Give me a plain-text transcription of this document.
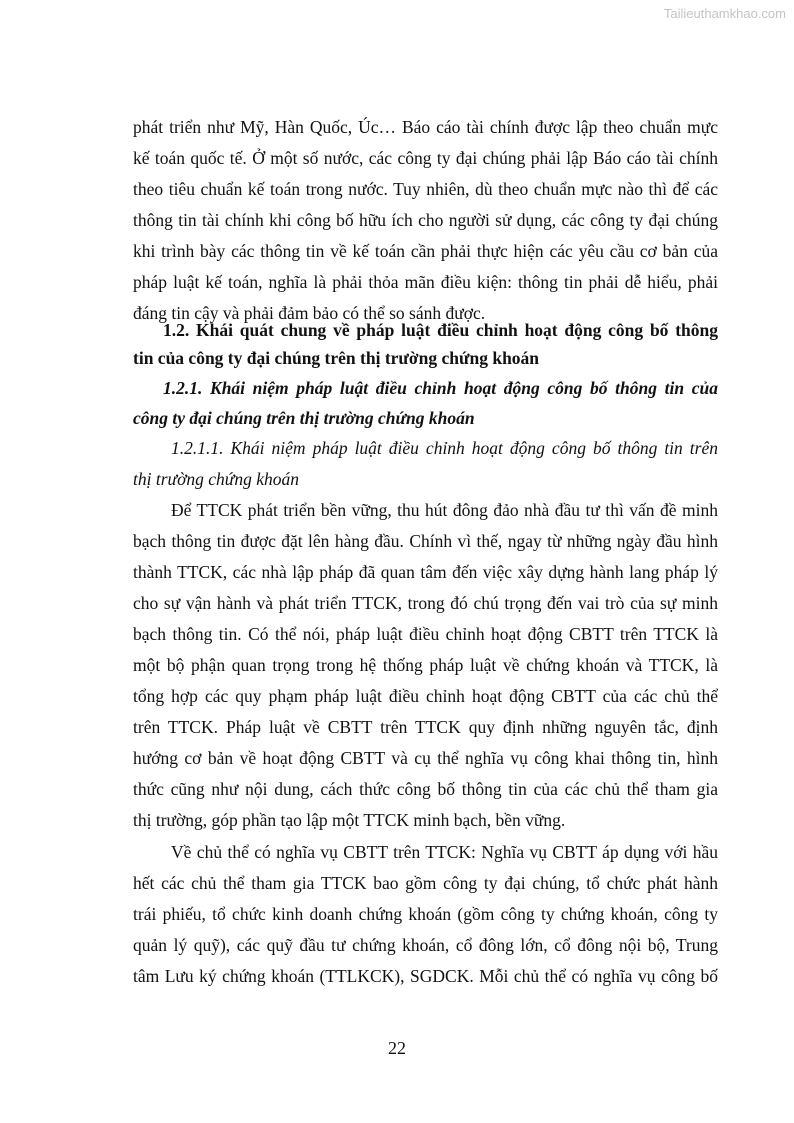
Tailieuthamkhao.com
phát triển như Mỹ, Hàn Quốc, Úc… Báo cáo tài chính được lập theo chuẩn mực
kế toán quốc tế. Ở một số nước, các công ty đại chúng phải lập Báo cáo tài chính
theo tiêu chuẩn kế toán trong nước. Tuy nhiên, dù theo chuẩn mực nào thì để các
thông tin tài chính khi công bố hữu ích cho người sử dụng, các công ty đại chúng
khi trình bày các thông tin về kế toán cần phải thực hiện các yêu cầu cơ bản của
pháp luật kế toán, nghĩa là phải thỏa mãn điều kiện: thông tin phải dễ hiểu, phải
đáng tin cậy và phải đảm bảo có thể so sánh được.
1.2. Khái quát chung về pháp luật điều chỉnh hoạt động công bố thông
tin của công ty đại chúng trên thị trường chứng khoán
1.2.1. Khái niệm pháp luật điều chỉnh hoạt động công bố thông tin của
công ty đại chúng trên thị trường chứng khoán
1.2.1.1. Khái niệm pháp luật điều chỉnh hoạt động công bố thông tin trên
thị trường chứng khoán
Để TTCK phát triển bền vững, thu hút đông đảo nhà đầu tư thì vấn đề minh
bạch thông tin được đặt lên hàng đầu. Chính vì thế, ngay từ những ngày đầu hình
thành TTCK, các nhà lập pháp đã quan tâm đến việc xây dựng hành lang pháp lý
cho sự vận hành và phát triển TTCK, trong đó chú trọng đến vai trò của sự minh
bạch thông tin. Có thể nói, pháp luật điều chỉnh hoạt động CBTT trên TTCK là
một bộ phận quan trọng trong hệ thống pháp luật về chứng khoán và TTCK, là
tổng hợp các quy phạm pháp luật điều chỉnh hoạt động CBTT của các chủ thể
trên TTCK. Pháp luật về CBTT trên TTCK quy định những nguyên tắc, định
hướng cơ bản về hoạt động CBTT và cụ thể nghĩa vụ công khai thông tin, hình
thức cũng như nội dung, cách thức công bố thông tin của các chủ thể tham gia
thị trường, góp phần tạo lập một TTCK minh bạch, bền vững.
Về chủ thể có nghĩa vụ CBTT trên TTCK: Nghĩa vụ CBTT áp dụng với hầu
hết các chủ thể tham gia TTCK bao gồm công ty đại chúng, tổ chức phát hành
trái phiếu, tổ chức kinh doanh chứng khoán (gồm công ty chứng khoán, công ty
quản lý quỹ), các quỹ đầu tư chứng khoán, cổ đông lớn, cổ đông nội bộ, Trung
tâm Lưu ký chứng khoán (TTLKCK), SGDCK. Mỗi chủ thể có nghĩa vụ công bố
22
